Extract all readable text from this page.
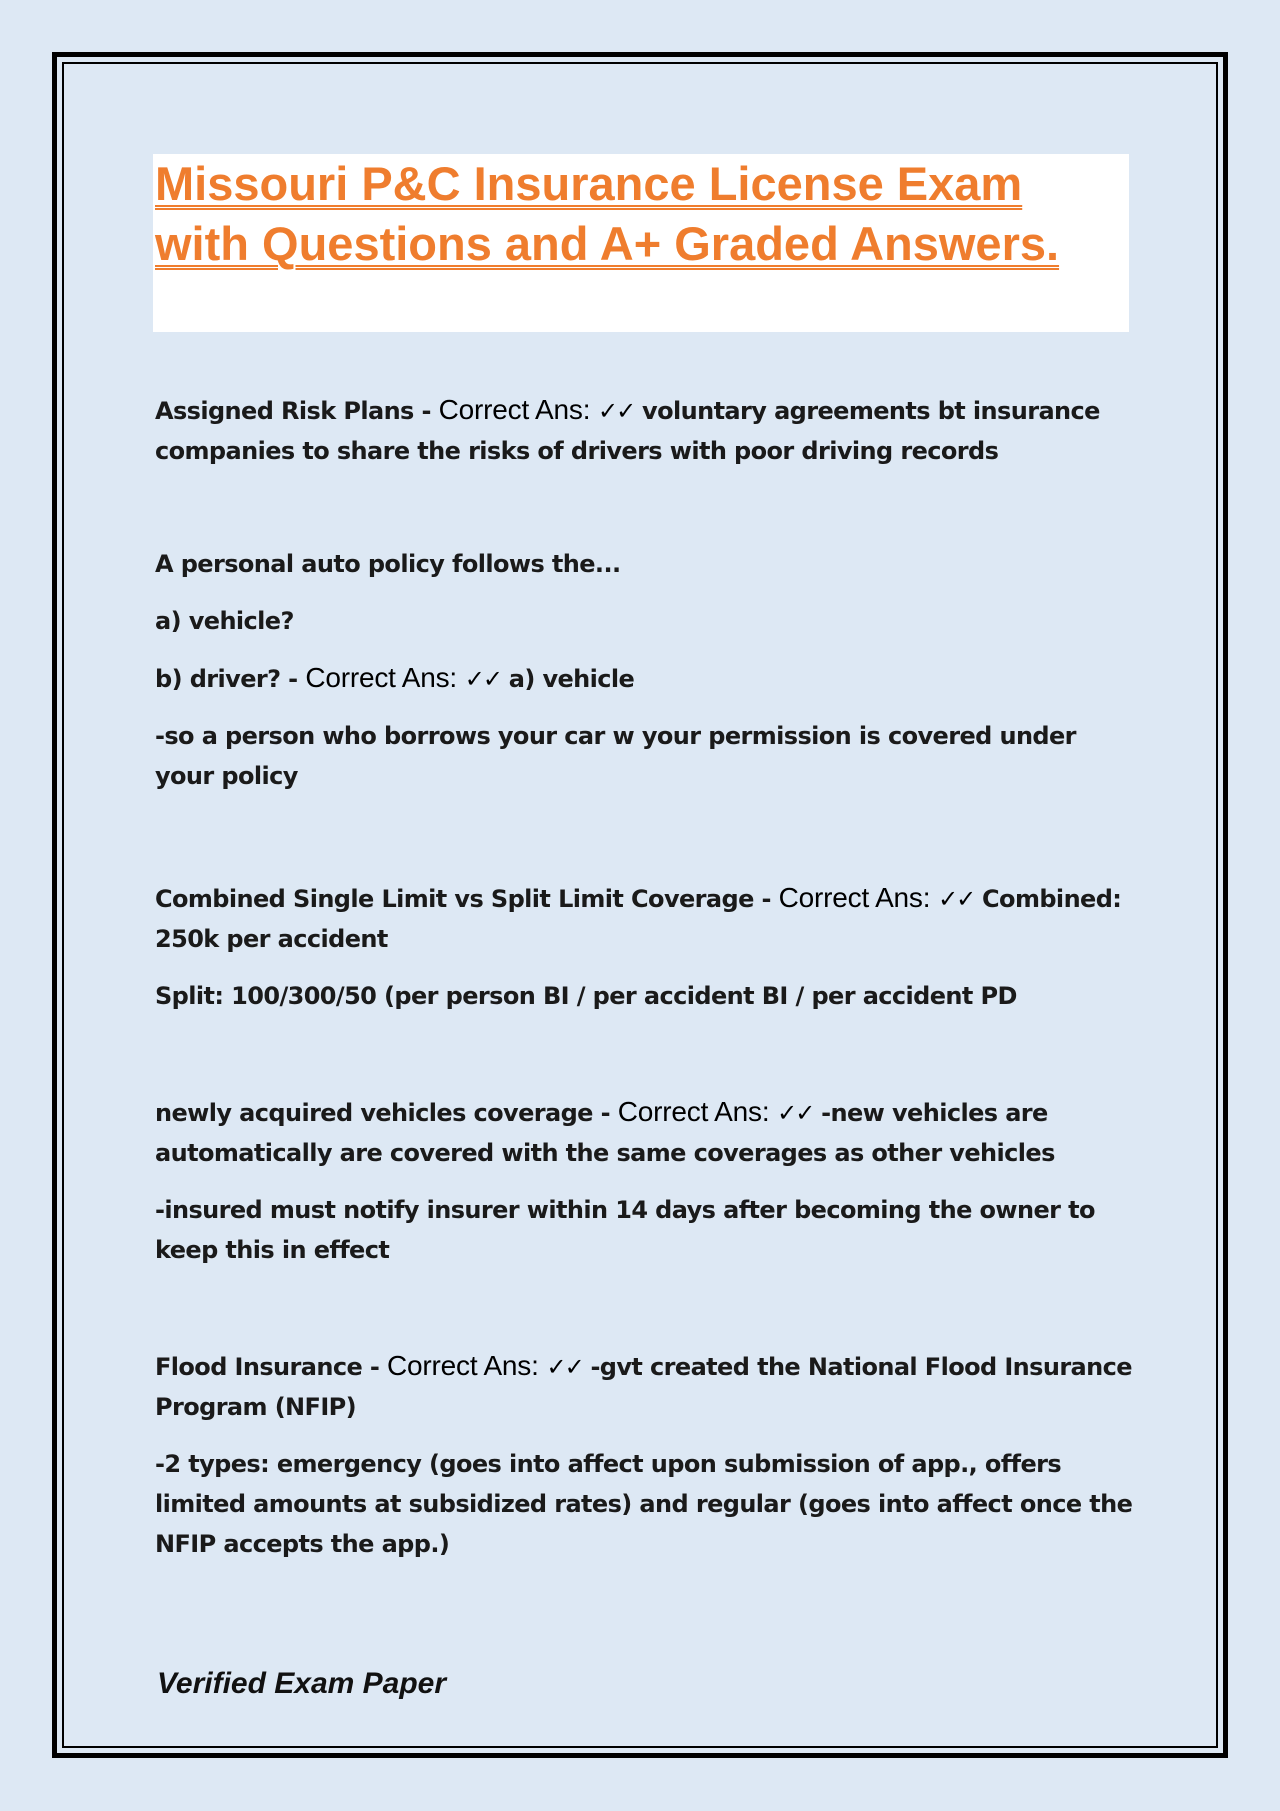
Missouri P&C Insurance License Exam with Questions and A+ Graded Answers.

Assigned Risk Plans - Correct Ans: ✓✓ voluntary agreements bt insurance companies to share the risks of drivers with poor driving records

A personal auto policy follows the...

a) vehicle?

b) driver? - Correct Ans: ✓✓ a) vehicle

-so a person who borrows your car w your permission is covered under your policy

Combined Single Limit vs Split Limit Coverage - Correct Ans: ✓✓ Combined: 250k per accident

Split: 100/300/50 (per person BI / per accident BI / per accident PD

newly acquired vehicles coverage - Correct Ans: ✓✓ -new vehicles are automatically are covered with the same coverages as other vehicles

-insured must notify insurer within 14 days after becoming the owner to keep this in effect

Flood Insurance - Correct Ans: ✓✓ -gvt created the National Flood Insurance Program (NFIP)

-2 types: emergency (goes into affect upon submission of app., offers limited amounts at subsidized rates) and regular (goes into affect once the NFIP accepts the app.)

Verified Exam Paper
